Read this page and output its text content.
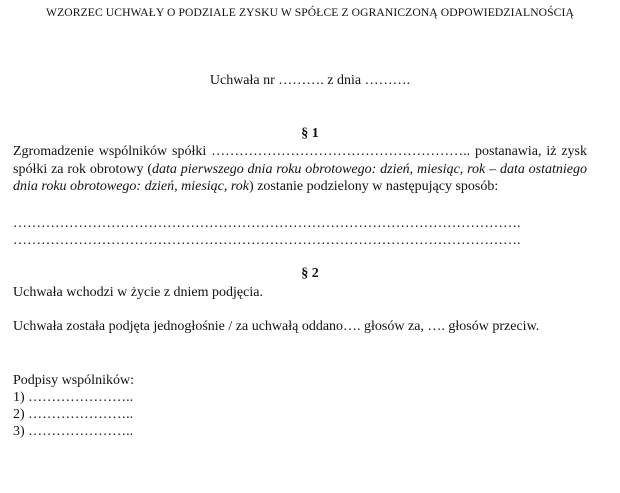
WZORZEC UCHWAŁY O PODZIALE ZYSKU W SPÓŁCE Z OGRANICZONĄ ODPOWIEDZIALNOŚCIĄ
Uchwała nr ………. z dnia ……….
§ 1
Zgromadzenie wspólników spółki ……………………………………………….. postanawia, iż zysk spółki za rok obrotowy (data pierwszego dnia roku obrotowego: dzień, miesiąc, rok – data ostatniego dnia roku obrotowego: dzień, miesiąc, rok) zostanie podzielony w następujący sposób:
……………………………………………………………………………………………….
……………………………………………………………………………………………….
§ 2
Uchwała wchodzi w życie z dniem podjęcia.
Uchwała została podjęta jednogłośnie / za uchwałą oddano…. głosów za, …. głosów przeciw.
Podpisy wspólników:
1) …………………..
2) …………………..
3) …………………..
